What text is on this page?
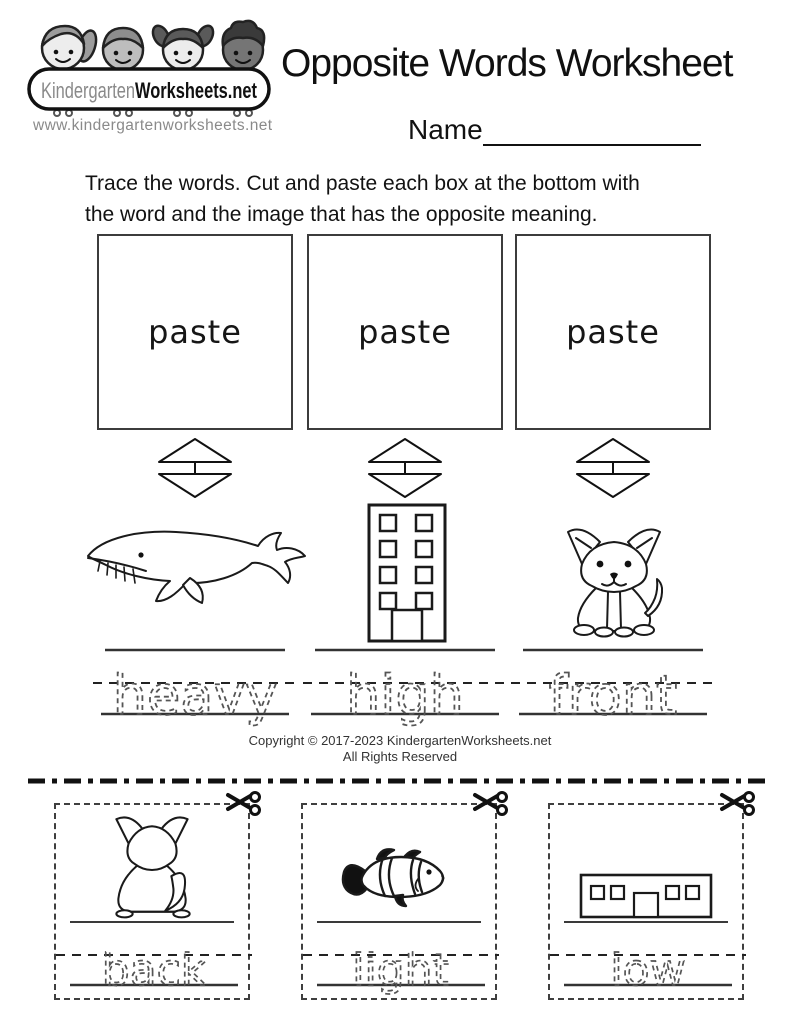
KindergartenWorksheets.net
www.kindergartenworksheets.net
Opposite Words Worksheet
Name
Trace the words. Cut and paste each box at the bottom with
the word and the image that has the opposite meaning.
paste	paste	paste
heavy high front
Copyright © 2017-2023 KindergartenWorksheets.net
All Rights Reserved
back	light	low
